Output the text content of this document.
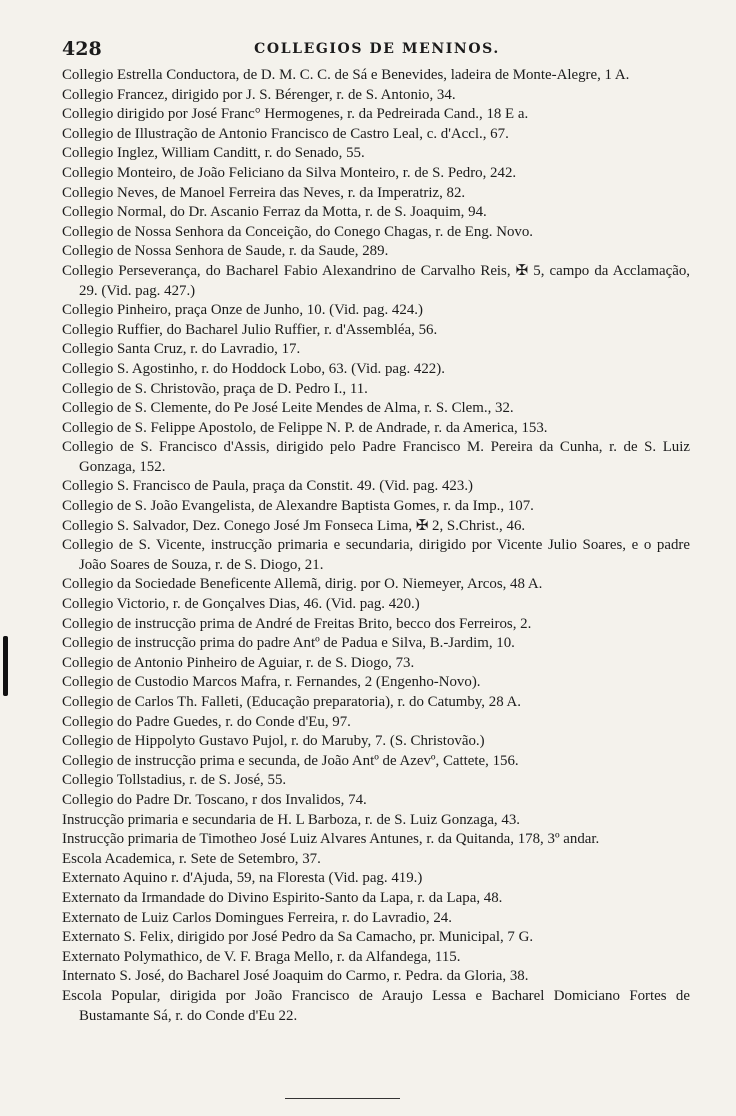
428	COLLEGIOS DE MENINOS.

Collegio Estrella Conductora, de D. M. C. C. de Sá e Benevides, ladeira de Monte-Alegre, 1 A.

Collegio Francez, dirigido por J. S. Bérenger, r. de S. Antonio, 34.

Collegio dirigido por José Franc° Hermogenes, r. da Pedreirada Cand., 18 E a.

Collegio de Illustração de Antonio Francisco de Castro Leal, c. d'Accl., 67.

Collegio Inglez, William Canditt, r. do Senado, 55.

Collegio Monteiro, de João Feliciano da Silva Monteiro, r. de S. Pedro, 242.

Collegio Neves, de Manoel Ferreira das Neves, r. da Imperatriz, 82.

Collegio Normal, do Dr. Ascanio Ferraz da Motta, r. de S. Joaquim, 94.

Collegio de Nossa Senhora da Conceição, do Conego Chagas, r. de Eng. Novo.

Collegio de Nossa Senhora de Saude, r. da Saude, 289.

Collegio Perseverança, do Bacharel Fabio Alexandrino de Carvalho Reis, ✠ 5, campo da Acclamação, 29. (Vid. pag. 427.)

Collegio Pinheiro, praça Onze de Junho, 10. (Vid. pag. 424.)

Collegio Ruffier, do Bacharel Julio Ruffier, r. d'Assembléa, 56.

Collegio Santa Cruz, r. do Lavradio, 17.

Collegio S. Agostinho, r. do Hoddock Lobo, 63. (Vid. pag. 422).

Collegio de S. Christovão, praça de D. Pedro I., 11.

Collegio de S. Clemente, do Pe José Leite Mendes de Alma, r. S. Clem., 32.

Collegio de S. Felippe Apostolo, de Felippe N. P. de Andrade, r. da America, 153.

Collegio de S. Francisco d'Assis, dirigido pelo Padre Francisco M. Pereira da Cunha, r. de S. Luiz Gonzaga, 152.

Collegio S. Francisco de Paula, praça da Constit. 49. (Vid. pag. 423.)

Collegio de S. João Evangelista, de Alexandre Baptista Gomes, r. da Imp., 107.

Collegio S. Salvador, Dez. Conego José Jm Fonseca Lima, ✠ 2, S.Christ., 46.

Collegio de S. Vicente, instrucção primaria e secundaria, dirigido por Vicente Julio Soares, e o padre João Soares de Souza, r. de S. Diogo, 21.

Collegio da Sociedade Beneficente Allemã, dirig. por O. Niemeyer, Arcos, 48 A.

Collegio Victorio, r. de Gonçalves Dias, 46. (Vid. pag. 420.)

Collegio de instrucção prima de André de Freitas Brito, becco dos Ferreiros, 2.

Collegio de instrucção prima do padre Antº de Padua e Silva, B.-Jardim, 10.

Collegio de Antonio Pinheiro de Aguiar, r. de S. Diogo, 73.

Collegio de Custodio Marcos Mafra, r. Fernandes, 2 (Engenho-Novo).

Collegio de Carlos Th. Falleti, (Educação preparatoria), r. do Catumby, 28 A.

Collegio do Padre Guedes, r. do Conde d'Eu, 97.

Collegio de Hippolyto Gustavo Pujol, r. do Maruby, 7. (S. Christovão.)

Collegio de instrucção prima e secunda, de João Antº de Azevº, Cattete, 156.

Collegio Tollstadius, r. de S. José, 55.

Collegio do Padre Dr. Toscano, r dos Invalidos, 74.

Instrucção primaria e secundaria de H. L Barboza, r. de S. Luiz Gonzaga, 43.

Instrucção primaria de Timotheo José Luiz Alvares Antunes, r. da Quitanda, 178, 3º andar.

Escola Academica, r. Sete de Setembro, 37.

Externato Aquino r. d'Ajuda, 59, na Floresta (Vid. pag. 419.)

Externato da Irmandade do Divino Espirito-Santo da Lapa, r. da Lapa, 48.

Externato de Luiz Carlos Domingues Ferreira, r. do Lavradio, 24.

Externato S. Felix, dirigido por José Pedro da Sa Camacho, pr. Municipal, 7 G.

Externato Polymathico, de V. F. Braga Mello, r. da Alfandega, 115.

Internato S. José, do Bacharel José Joaquim do Carmo, r. Pedra. da Gloria, 38.

Escola Popular, dirigida por João Francisco de Araujo Lessa e Bacharel Domiciano Fortes de Bustamante Sá, r. do Conde d'Eu 22.
